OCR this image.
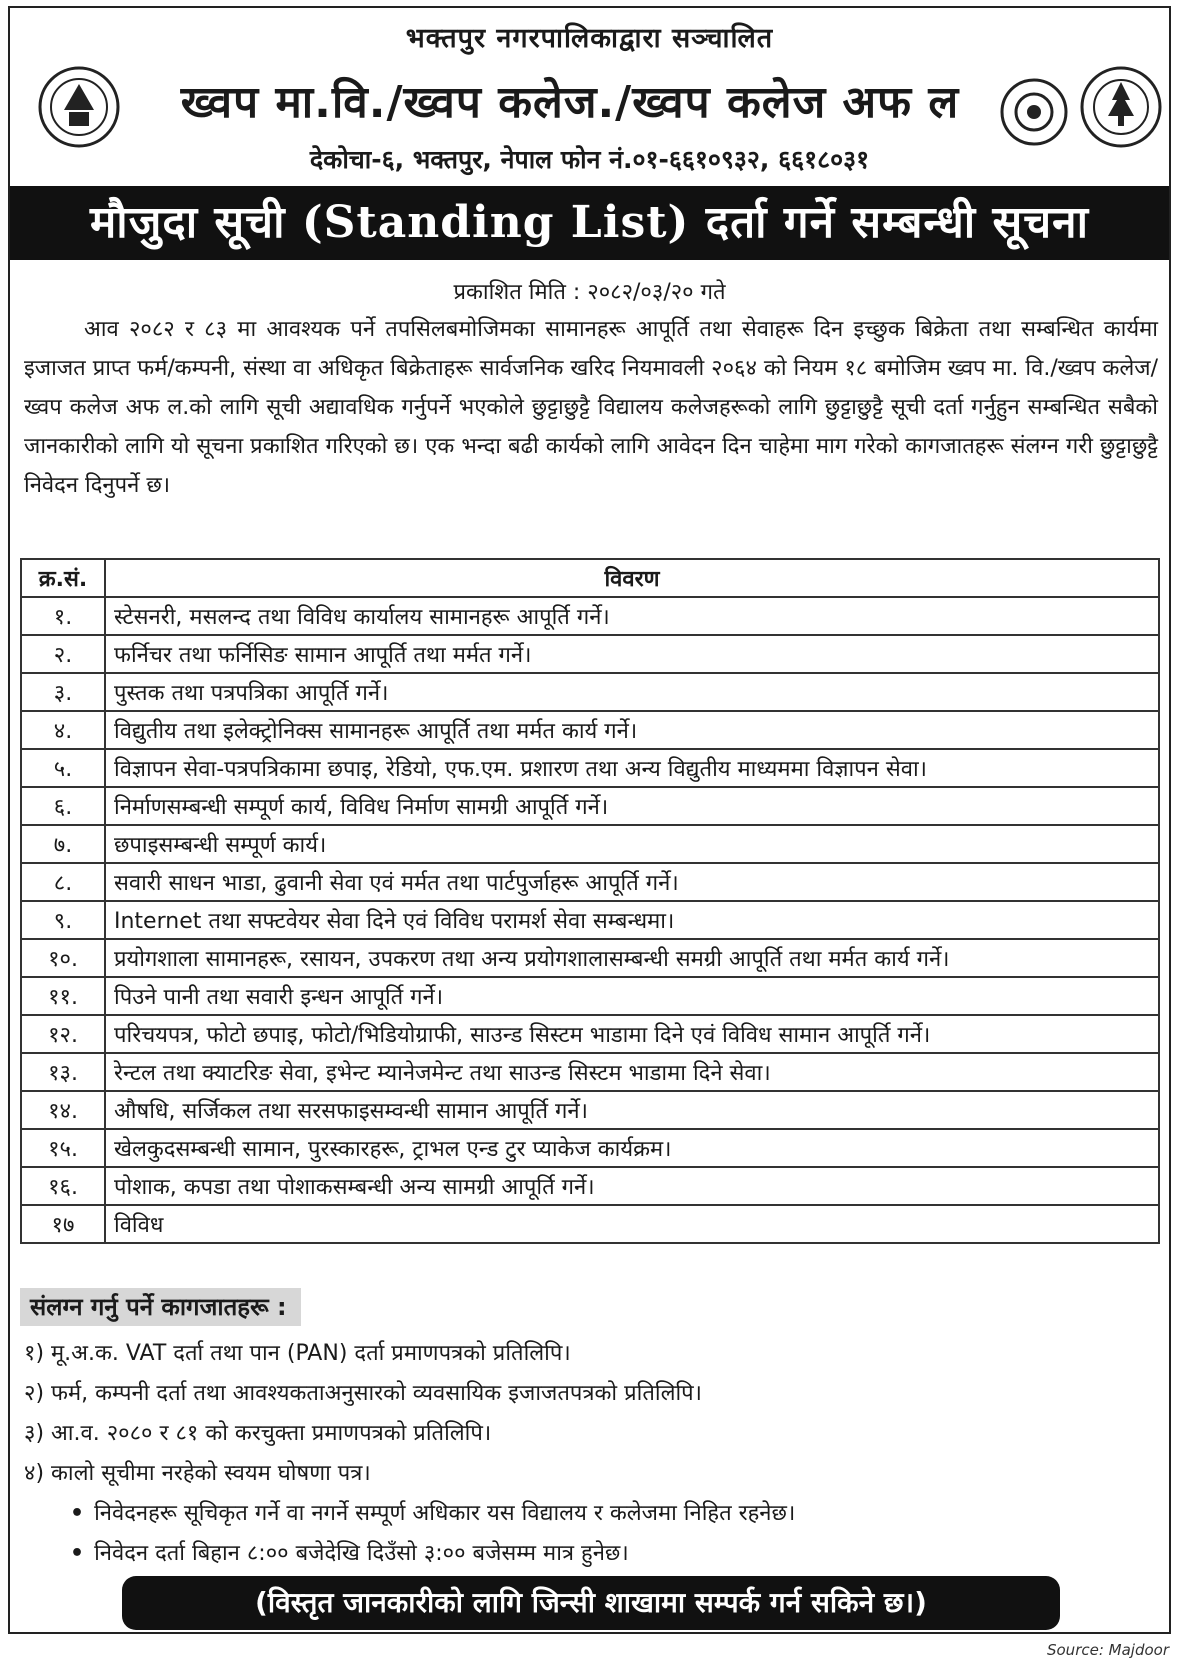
भक्तपुर नगरपालिकाद्वारा सञ्चालित
ख्वप मा.वि./ख्वप कलेज./ख्वप कलेज अफ ल
देकोचा-६, भक्तपुर, नेपाल फोन नं.०१-६६१०९३२, ६६१८०३१
मौजुदा सूची (Standing List) दर्ता गर्ने सम्बन्धी सूचना
प्रकाशित मिति : २०८२/०३/२० गते
आव २०८२ र ८३ मा आवश्यक पर्ने तपसिलबमोजिमका सामानहरू आपूर्ति तथा सेवाहरू दिन इच्छुक बिक्रेता तथा सम्बन्धित कार्यमा इजाजत प्राप्त फर्म/कम्पनी, संस्था वा अधिकृत बिक्रेताहरू सार्वजनिक खरिद नियमावली २०६४ को नियम १८ बमोजिम ख्वप मा. वि./ख्वप कलेज/ख्वप कलेज अफ ल.को लागि सूची अद्यावधिक गर्नुपर्ने भएकोले छुट्टाछुट्टै विद्यालय कलेजहरूको लागि छुट्टाछुट्टै सूची दर्ता गर्नुहुन सम्बन्धित सबैको जानकारीको लागि यो सूचना प्रकाशित गरिएको छ। एक भन्दा बढी कार्यको लागि आवेदन दिन चाहेमा माग गरेको कागजातहरू संलग्न गरी छुट्टाछुट्टै निवेदन दिनुपर्ने छ।
क्र.सं.	विवरण
१.	स्टेसनरी, मसलन्द तथा विविध कार्यालय सामानहरू आपूर्ति गर्ने।
२.	फर्निचर तथा फर्निसिङ सामान आपूर्ति तथा मर्मत गर्ने।
३.	पुस्तक तथा पत्रपत्रिका आपूर्ति गर्ने।
४.	विद्युतीय तथा इलेक्ट्रोनिक्स सामानहरू आपूर्ति तथा मर्मत कार्य गर्ने।
५.	विज्ञापन सेवा-पत्रपत्रिकामा छपाइ, रेडियो, एफ.एम. प्रशारण तथा अन्य विद्युतीय माध्यममा विज्ञापन सेवा।
६.	निर्माणसम्बन्धी सम्पूर्ण कार्य, विविध निर्माण सामग्री आपूर्ति गर्ने।
७.	छपाइसम्बन्धी सम्पूर्ण कार्य।
८.	सवारी साधन भाडा, ढुवानी सेवा एवं मर्मत तथा पार्टपुर्जाहरू आपूर्ति गर्ने।
९.	Internet तथा सफ्टवेयर सेवा दिने एवं विविध परामर्श सेवा सम्बन्धमा।
१०.	प्रयोगशाला सामानहरू, रसायन, उपकरण तथा अन्य प्रयोगशालासम्बन्धी समग्री आपूर्ति तथा मर्मत कार्य गर्ने।
११.	पिउने पानी तथा सवारी इन्धन आपूर्ति गर्ने।
१२.	परिचयपत्र, फोटो छपाइ, फोटो/भिडियोग्राफी, साउन्ड सिस्टम भाडामा दिने एवं विविध सामान आपूर्ति गर्ने।
१३.	रेन्टल तथा क्याटरिङ सेवा, इभेन्ट म्यानेजमेन्ट तथा साउन्ड सिस्टम भाडामा दिने सेवा।
१४.	औषधि, सर्जिकल तथा सरसफाइसम्वन्धी सामान आपूर्ति गर्ने।
१५.	खेलकुदसम्बन्धी सामान, पुरस्कारहरू, ट्राभल एन्ड टुर प्याकेज कार्यक्रम।
१६.	पोशाक, कपडा तथा पोशाकसम्बन्धी अन्य सामग्री आपूर्ति गर्ने।
१७	विविध
संलग्न गर्नु पर्ने कागजातहरू :
१) मू.अ.क. VAT दर्ता तथा पान (PAN) दर्ता प्रमाणपत्रको प्रतिलिपि।
२) फर्म, कम्पनी दर्ता तथा आवश्यकताअनुसारको व्यवसायिक इजाजतपत्रको प्रतिलिपि।
३) आ.व. २०८० र ८१ को करचुक्ता प्रमाणपत्रको प्रतिलिपि।
४) कालो सूचीमा नरहेको स्वयम घोषणा पत्र।
• निवेदनहरू सूचिकृत गर्ने वा नगर्ने सम्पूर्ण अधिकार यस विद्यालय र कलेजमा निहित रहनेछ।
• निवेदन दर्ता बिहान ८:०० बजेदेखि दिउँसो ३:०० बजेसम्म मात्र हुनेछ।
(विस्तृत जानकारीको लागि जिन्सी शाखामा सम्पर्क गर्न सकिने छ।)
Source: Majdoor
